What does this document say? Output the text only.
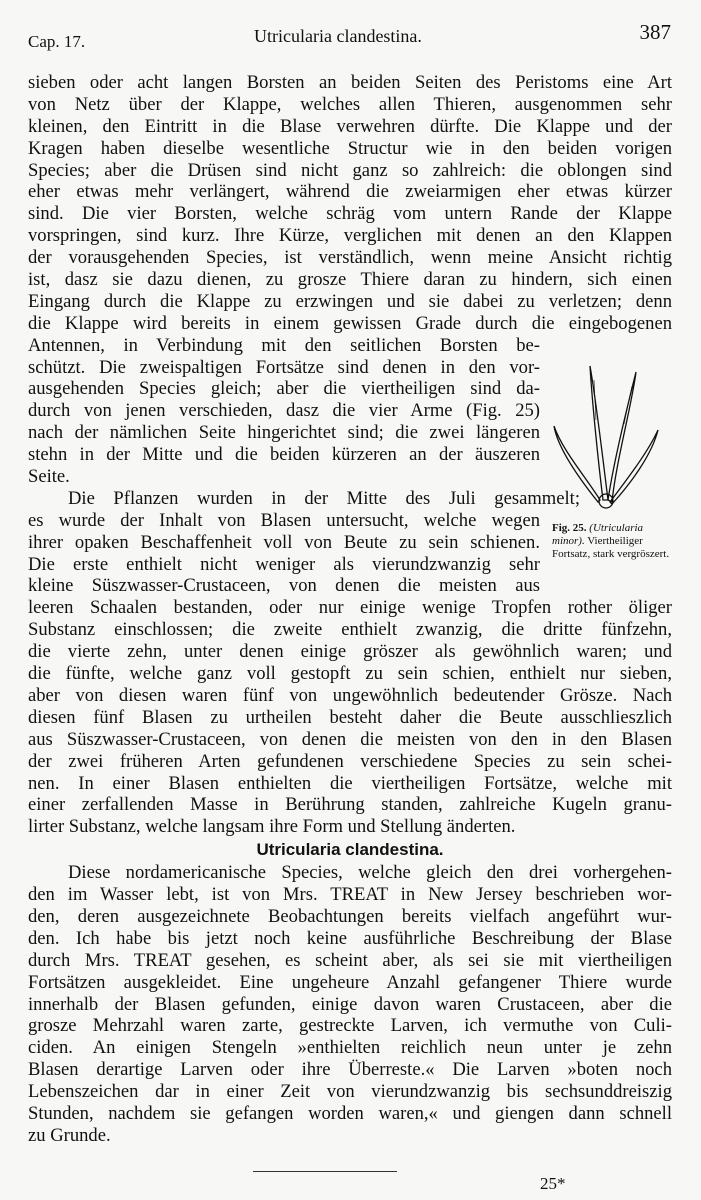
Cap. 17.	Utricularia clandestina.	387
sieben oder acht langen Borsten an beiden Seiten des Peristoms eine Art
von Netz über der Klappe, welches allen Thieren, ausgenommen sehr
kleinen, den Eintritt in die Blase verwehren dürfte. Die Klappe und der
Kragen haben dieselbe wesentliche Structur wie in den beiden vorigen
Species; aber die Drüsen sind nicht ganz so zahlreich: die oblongen sind
eher etwas mehr verlängert, während die zweiarmigen eher etwas kürzer
sind. Die vier Borsten, welche schräg vom untern Rande der Klappe
vorspringen, sind kurz. Ihre Kürze, verglichen mit denen an den Klappen
der vorausgehenden Species, ist verständlich, wenn meine Ansicht richtig
ist, dasz sie dazu dienen, zu grosze Thiere daran zu hindern, sich einen
Eingang durch die Klappe zu erzwingen und sie dabei zu verletzen; denn
die Klappe wird bereits in einem gewissen Grade durch die eingebogenen
Antennen, in Verbindung mit den seitlichen Borsten be-
schützt. Die zweispaltigen Fortsätze sind denen in den vor-
ausgehenden Species gleich; aber die viertheiligen sind da-
durch von jenen verschieden, dasz die vier Arme (Fig. 25)
nach der nämlichen Seite hingerichtet sind; die zwei längeren
stehn in der Mitte und die beiden kürzeren an der äuszeren
Seite.
Die Pflanzen wurden in der Mitte des Juli gesammelt;
es wurde der Inhalt von Blasen untersucht, welche wegen
ihrer opaken Beschaffenheit voll von Beute zu sein schienen.
Die erste enthielt nicht weniger als vierundzwanzig sehr
kleine Süszwasser-Crustaceen, von denen die meisten aus
leeren Schaalen bestanden, oder nur einige wenige Tropfen rother öliger
Substanz einschlossen; die zweite enthielt zwanzig, die dritte fünfzehn,
die vierte zehn, unter denen einige gröszer als gewöhnlich waren; und
die fünfte, welche ganz voll gestopft zu sein schien, enthielt nur sieben,
aber von diesen waren fünf von ungewöhnlich bedeutender Grösze. Nach
diesen fünf Blasen zu urtheilen besteht daher die Beute ausschlieszlich
aus Süszwasser-Crustaceen, von denen die meisten von den in den Blasen
der zwei früheren Arten gefundenen verschiedene Species zu sein schei-
nen. In einer Blasen enthielten die viertheiligen Fortsätze, welche mit
einer zerfallenden Masse in Berührung standen, zahlreiche Kugeln granu-
lirter Substanz, welche langsam ihre Form und Stellung änderten.
Utricularia clandestina.
Diese nordamericanische Species, welche gleich den drei vorhergehen-
den im Wasser lebt, ist von Mrs. TREAT in New Jersey beschrieben wor-
den, deren ausgezeichnete Beobachtungen bereits vielfach angeführt wur-
den. Ich habe bis jetzt noch keine ausführliche Beschreibung der Blase
durch Mrs. TREAT gesehen, es scheint aber, als sei sie mit viertheiligen
Fortsätzen ausgekleidet. Eine ungeheure Anzahl gefangener Thiere wurde
innerhalb der Blasen gefunden, einige davon waren Crustaceen, aber die
grosze Mehrzahl waren zarte, gestreckte Larven, ich vermuthe von Culi-
ciden. An einigen Stengeln »enthielten reichlich neun unter je zehn
Blasen derartige Larven oder ihre Überreste.« Die Larven »boten noch
Lebenszeichen dar in einer Zeit von vierundzwanzig bis sechsunddreiszig
Stunden, nachdem sie gefangen worden waren,« und giengen dann schnell
zu Grunde.
Fig. 25. (Utricularia minor). Viertheiliger Fortsatz, stark vergröszert.
25*
